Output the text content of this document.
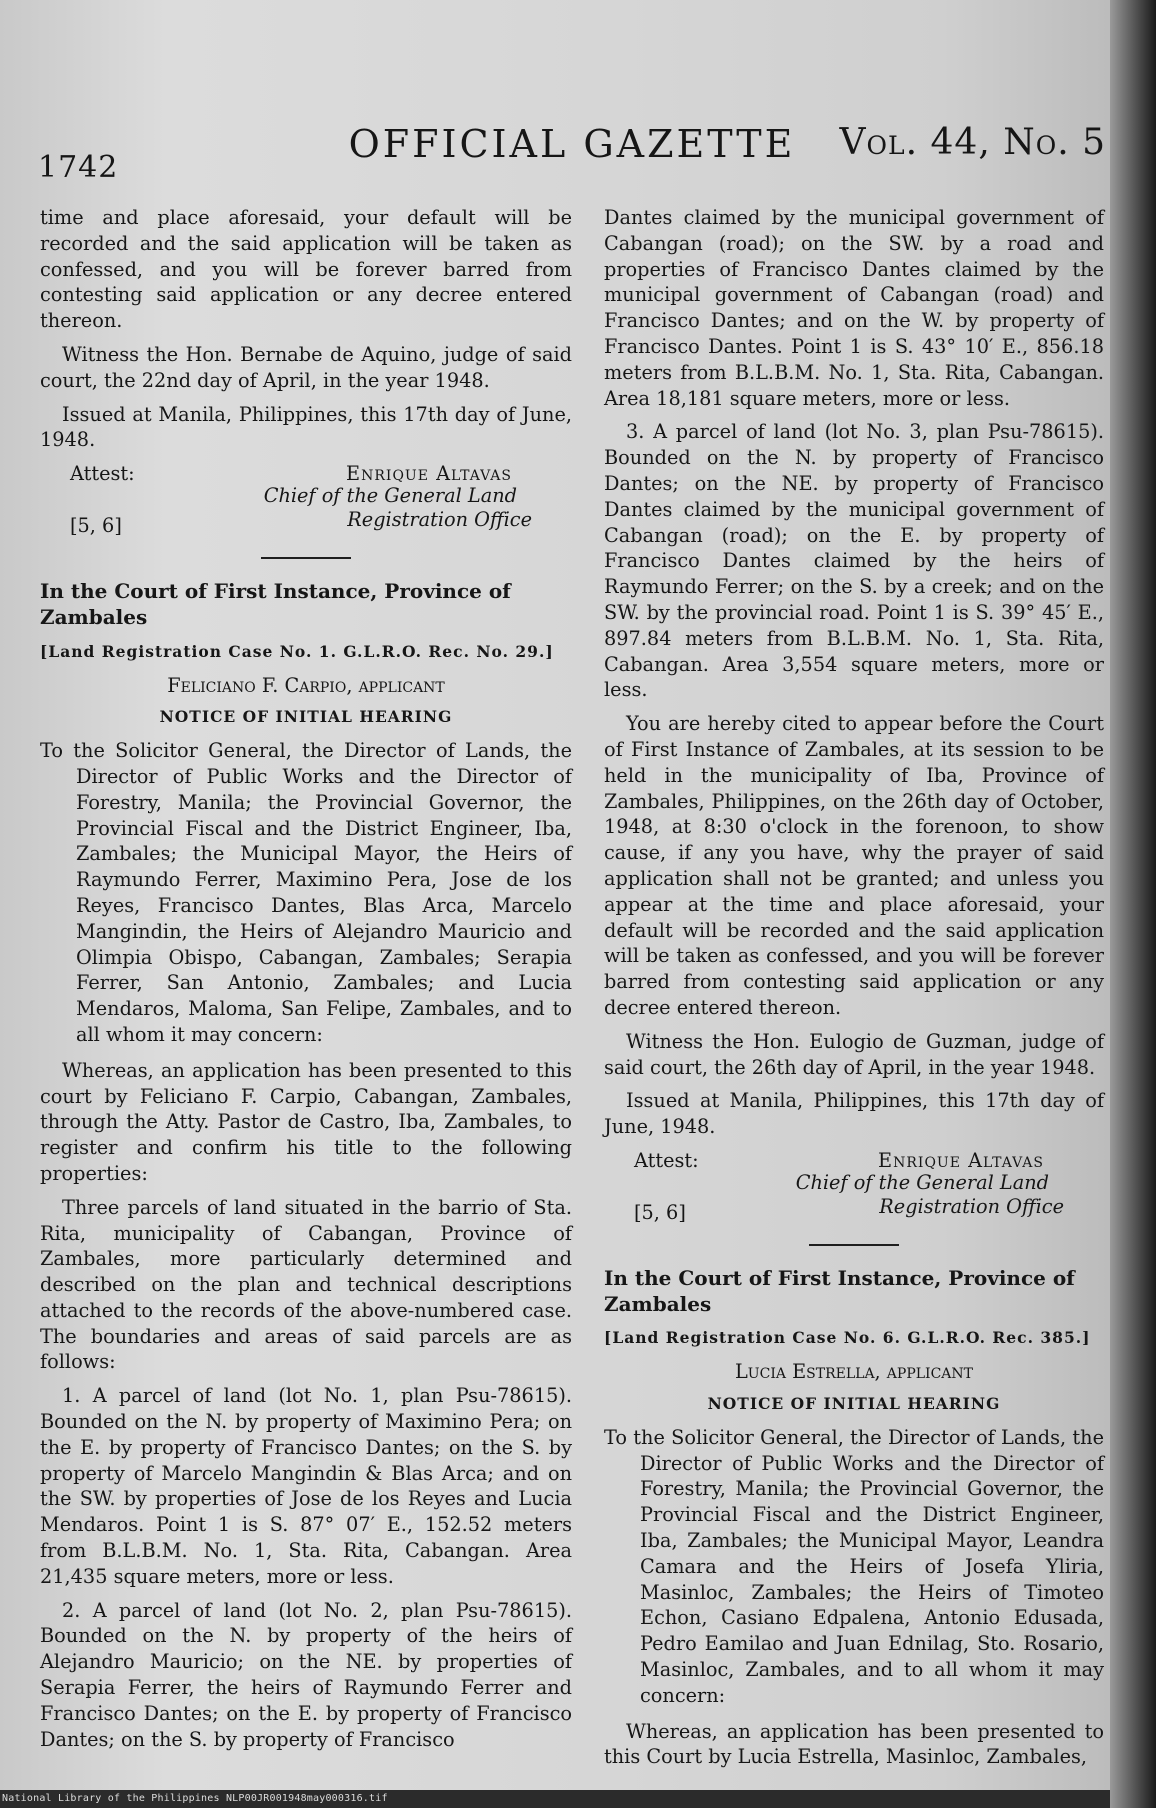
1742
OFFICIAL GAZETTE	Vol. 44, No. 5

time and place aforesaid, your default will be recorded and the said application will be taken as confessed, and you will be forever barred from contesting said application or any decree entered thereon.

Witness the Hon. Bernabe de Aquino, judge of said court, the 22nd day of April, in the year 1948.

Issued at Manila, Philippines, this 17th day of June, 1948.

Attest:	Enrique Altavas
Chief of the General Land
Registration Office
[5, 6]
In the Court of First Instance, Province of Zambales
[Land Registration Case No. 1. G.L.R.O. Rec. No. 29.]
Feliciano F. Carpio, applicant
NOTICE OF INITIAL HEARING

To the Solicitor General, the Director of Lands, the Director of Public Works and the Director of Forestry, Manila; the Provincial Governor, the Provincial Fiscal and the District Engineer, Iba, Zambales; the Municipal Mayor, the Heirs of Raymundo Ferrer, Maximino Pera, Jose de los Reyes, Francisco Dantes, Blas Arca, Marcelo Mangindin, the Heirs of Alejandro Mauricio and Olimpia Obispo, Cabangan, Zambales; Serapia Ferrer, San Antonio, Zambales; and Lucia Mendaros, Maloma, San Felipe, Zambales, and to all whom it may concern:

Whereas, an application has been presented to this court by Feliciano F. Carpio, Cabangan, Zambales, through the Atty. Pastor de Castro, Iba, Zambales, to register and confirm his title to the following properties:

Three parcels of land situated in the barrio of Sta. Rita, municipality of Cabangan, Province of Zambales, more particularly determined and described on the plan and technical descriptions attached to the records of the above-numbered case. The boundaries and areas of said parcels are as follows:

1. A parcel of land (lot No. 1, plan Psu-78615). Bounded on the N. by property of Maximino Pera; on the E. by property of Francisco Dantes; on the S. by property of Marcelo Mangindin & Blas Arca; and on the SW. by properties of Jose de los Reyes and Lucia Mendaros. Point 1 is S. 87° 07′ E., 152.52 meters from B.L.B.M. No. 1, Sta. Rita, Cabangan. Area 21,435 square meters, more or less.

2. A parcel of land (lot No. 2, plan Psu-78615). Bounded on the N. by property of the heirs of Alejandro Mauricio; on the NE. by properties of Serapia Ferrer, the heirs of Raymundo Ferrer and Francisco Dantes; on the E. by property of Francisco Dantes; on the S. by property of Francisco

Dantes claimed by the municipal government of Cabangan (road); on the SW. by a road and properties of Francisco Dantes claimed by the municipal government of Cabangan (road) and Francisco Dantes; and on the W. by property of Francisco Dantes. Point 1 is S. 43° 10′ E., 856.18 meters from B.L.B.M. No. 1, Sta. Rita, Cabangan. Area 18,181 square meters, more or less.

3. A parcel of land (lot No. 3, plan Psu-78615). Bounded on the N. by property of Francisco Dantes; on the NE. by property of Francisco Dantes claimed by the municipal government of Cabangan (road); on the E. by property of Francisco Dantes claimed by the heirs of Raymundo Ferrer; on the S. by a creek; and on the SW. by the provincial road. Point 1 is S. 39° 45′ E., 897.84 meters from B.L.B.M. No. 1, Sta. Rita, Cabangan. Area 3,554 square meters, more or less.

You are hereby cited to appear before the Court of First Instance of Zambales, at its session to be held in the municipality of Iba, Province of Zambales, Philippines, on the 26th day of October, 1948, at 8:30 o'clock in the forenoon, to show cause, if any you have, why the prayer of said application shall not be granted; and unless you appear at the time and place aforesaid, your default will be recorded and the said application will be taken as confessed, and you will be forever barred from contesting said application or any decree entered thereon.

Witness the Hon. Eulogio de Guzman, judge of said court, the 26th day of April, in the year 1948.

Issued at Manila, Philippines, this 17th day of June, 1948.

Attest:	Enrique Altavas
Chief of the General Land
Registration Office
[5, 6]
In the Court of First Instance, Province of Zambales
[Land Registration Case No. 6. G.L.R.O. Rec. 385.]
Lucia Estrella, applicant
NOTICE OF INITIAL HEARING

To the Solicitor General, the Director of Lands, the Director of Public Works and the Director of Forestry, Manila; the Provincial Governor, the Provincial Fiscal and the District Engineer, Iba, Zambales; the Municipal Mayor, Leandra Camara and the Heirs of Josefa Yliria, Masinloc, Zambales; the Heirs of Timoteo Echon, Casiano Edpalena, Antonio Edusada, Pedro Eamilao and Juan Ednilag, Sto. Rosario, Masinloc, Zambales, and to all whom it may concern:

Whereas, an application has been presented to this Court by Lucia Estrella, Masinloc, Zambales,

National Library of the Philippines NLP00JR001948may000316.tif
